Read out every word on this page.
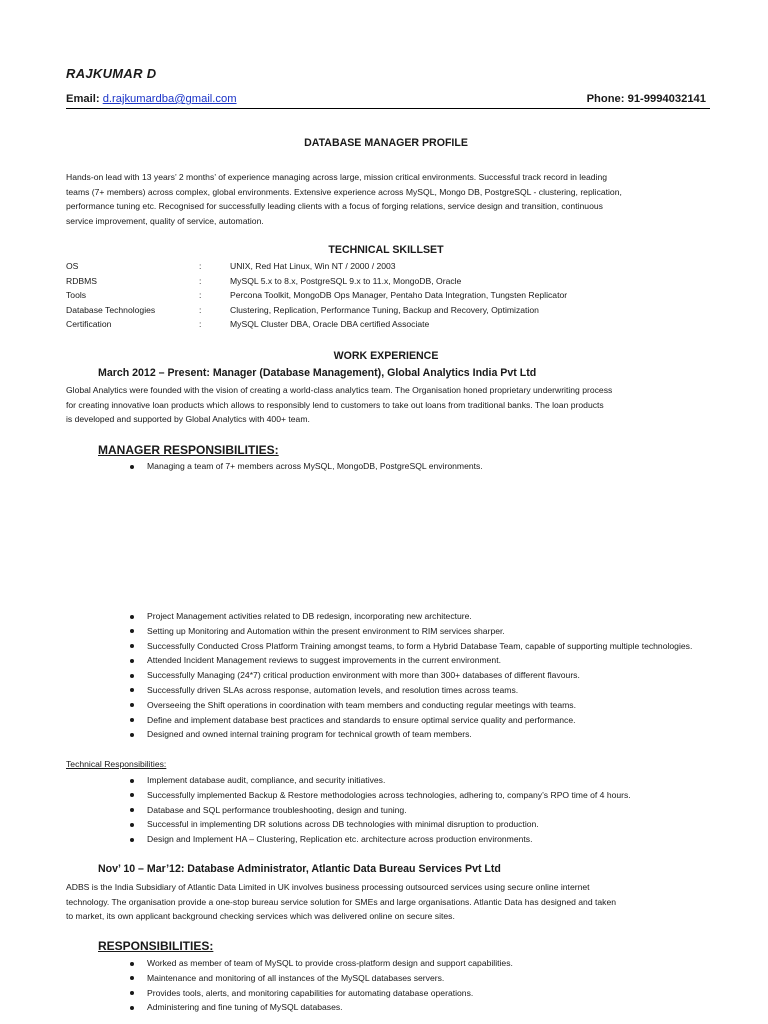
RAJKUMAR D
Email: d.rajkumardba@gmail.com	Phone: 91-9994032141
DATABASE MANAGER PROFILE
Hands-on lead with 13 years’ 2 months’ of experience managing across large, mission critical environments. Successful track record in leading
teams (7+ members) across complex, global environments. Extensive experience across MySQL, Mongo DB, PostgreSQL - clustering, replication,
performance tuning etc. Recognised for successfully leading clients with a focus of forging relations, service design and transition, continuous
service improvement, quality of service, automation.
TECHNICAL SKILLSET
OS	:	UNIX, Red Hat Linux, Win NT / 2000 / 2003
RDBMS	:	MySQL 5.x to 8.x, PostgreSQL 9.x to 11.x, MongoDB, Oracle
Tools	:	Percona Toolkit, MongoDB Ops Manager, Pentaho Data Integration, Tungsten Replicator
Database Technologies	:	Clustering, Replication, Performance Tuning, Backup and Recovery, Optimization
Certification	:	MySQL Cluster DBA, Oracle DBA certified Associate
WORK EXPERIENCE
March 2012 – Present: Manager (Database Management), Global Analytics India Pvt Ltd
Global Analytics were founded with the vision of creating a world-class analytics team. The Organisation honed proprietary underwriting process
for creating innovative loan products which allows to responsibly lend to customers to take out loans from traditional banks. The loan products
is developed and supported by Global Analytics with 400+ team.
MANAGER RESPONSIBILITIES:
Managing a team of 7+ members across MySQL, MongoDB, PostgreSQL environments.
Project Management activities related to DB redesign, incorporating new architecture.
Setting up Monitoring and Automation within the present environment to RIM services sharper.
Successfully Conducted Cross Platform Training amongst teams, to form a Hybrid Database Team, capable of supporting multiple technologies.
Attended Incident Management reviews to suggest improvements in the current environment.
Successfully Managing (24*7) critical production environment with more than 300+ databases of different flavours.
Successfully driven SLAs across response, automation levels, and resolution times across teams.
Overseeing the Shift operations in coordination with team members and conducting regular meetings with teams.
Define and implement database best practices and standards to ensure optimal service quality and performance.
Designed and owned internal training program for technical growth of team members.
Technical Responsibilities:
Implement database audit, compliance, and security initiatives.
Successfully implemented Backup & Restore methodologies across technologies, adhering to, company’s RPO time of 4 hours.
Database and SQL performance troubleshooting, design and tuning.
Successful in implementing DR solutions across DB technologies with minimal disruption to production.
Design and Implement HA – Clustering, Replication etc. architecture across production environments.
Nov’ 10 – Mar’12: Database Administrator, Atlantic Data Bureau Services Pvt Ltd
ADBS is the India Subsidiary of Atlantic Data Limited in UK involves business processing outsourced services using secure online internet
technology. The organisation provide a one-stop bureau service solution for SMEs and large organisations. Atlantic Data has designed and taken
to market, its own applicant background checking services which was delivered online on secure sites.
RESPONSIBILITIES:
Worked as member of team of MySQL to provide cross-platform design and support capabilities.
Maintenance and monitoring of all instances of the MySQL databases servers.
Provides tools, alerts, and monitoring capabilities for automating database operations.
Administering and fine tuning of MySQL databases.
